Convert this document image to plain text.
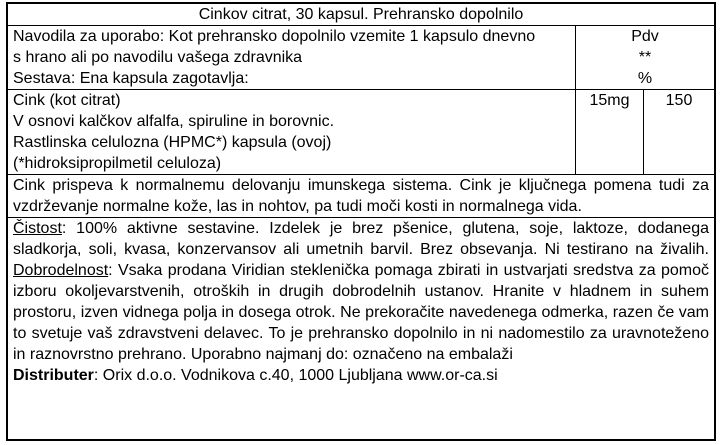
Cinkov citrat, 30 kapsul. Prehransko dopolnilo
Navodila za uporabo: Kot prehransko dopolnilo vzemite 1 kapsulo dnevno
s hrano ali po navodilu vašega zdravnika
Sestava: Ena kapsula zagotavlja:
Pdv
**
%
Cink (kot citrat)
V osnovi kalčkov alfalfa, spiruline in borovnic.
Rastlinska celulozna (HPMC*) kapsula (ovoj)
(*hidroksipropilmetil celuloza)
15mg	150

Cink prispeva k normalnemu delovanju imunskega sistema. Cink je ključnega pomena tudi za vzdrževanje normalne kože, las in nohtov, pa tudi moči kosti in normalnega vida.

Čistost: 100% aktivne sestavine. Izdelek je brez pšenice, glutena, soje, laktoze, dodanega sladkorja, soli, kvasa, konzervansov ali umetnih barvil. Brez obsevanja. Ni testirano na živalih. Dobrodelnost: Vsaka prodana Viridian steklenička pomaga zbirati in ustvarjati sredstva za pomoč izboru okoljevarstvenih, otroških in drugih dobrodelnih ustanov. Hranite v hladnem in suhem prostoru, izven vidnega polja in dosega otrok. Ne prekoračite navedenega odmerka, razen če vam to svetuje vaš zdravstveni delavec. To je prehransko dopolnilo in ni nadomestilo za uravnoteženo in raznovrstno prehrano. Uporabno najmanj do: označeno na embalaži

Distributer: Orix d.o.o. Vodnikova c.40, 1000 Ljubljana www.or-ca.si
